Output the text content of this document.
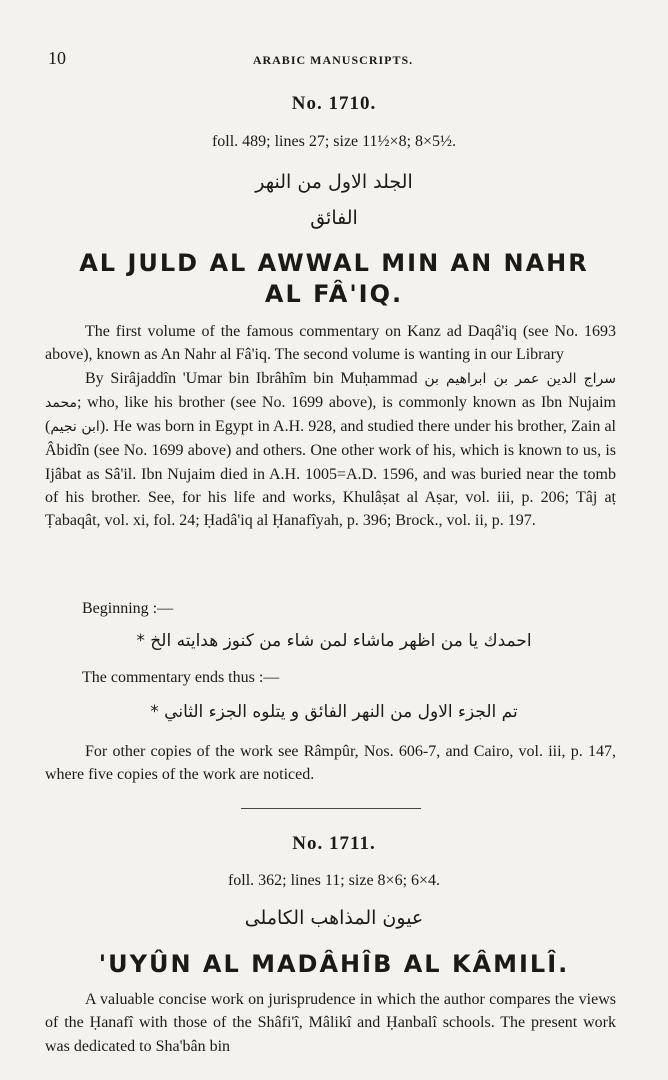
10	ARABIC MANUSCRIPTS.
No. 1710.
foll. 489; lines 27; size 11½×8; 8×5½.
الجلد الاول من النهر
الفائق
AL JULD AL AWWAL MIN AN NAHR
AL FÂ'IQ.

The first volume of the famous commentary on Kanz ad Daqâ'iq (see No. 1693 above), known as An Nahr al Fâ'iq. The second volume is wanting in our Library

By Sirâjaddîn 'Umar bin Ibrâhîm bin Muḥammad سراج الدين عمر بن ابراهيم بن محمد; who, like his brother (see No. 1699 above), is commonly known as Ibn Nujaim (ابن نجيم). He was born in Egypt in A.H. 928, and studied there under his brother, Zain al Âbidîn (see No. 1699 above) and others. One other work of his, which is known to us, is Ijâbat as Sâ'il. Ibn Nujaim died in A.H. 1005=A.D. 1596, and was buried near the tomb of his brother. See, for his life and works, Khulâṣat al Aṣar, vol. iii, p. 206; Tâj aṭ Ṭabaqât, vol. xi, fol. 24; Ḥadâ'iq al Ḥanafîyah, p. 396; Brock., vol. ii, p. 197.

Beginning :—
احمدك يا من اظهر ماشاء لمن شاء من كنوز هدايته الخ *
The commentary ends thus :—
تم الجزء الاول من النهر الفائق و يتلوه الجزء الثاني *

For other copies of the work see Râmpûr, Nos. 606-7, and Cairo, vol. iii, p. 147, where five copies of the work are noticed.

No. 1711.
foll. 362; lines 11; size 8×6; 6×4.
عيون المذاهب الكاملى
'UYÛN AL MADÂHÎB AL KÂMILÎ.

A valuable concise work on jurisprudence in which the author compares the views of the Ḥanafî with those of the Shâfi'î, Mâlikî and Ḥanbalî schools. The present work was dedicated to Sha'bân bin
